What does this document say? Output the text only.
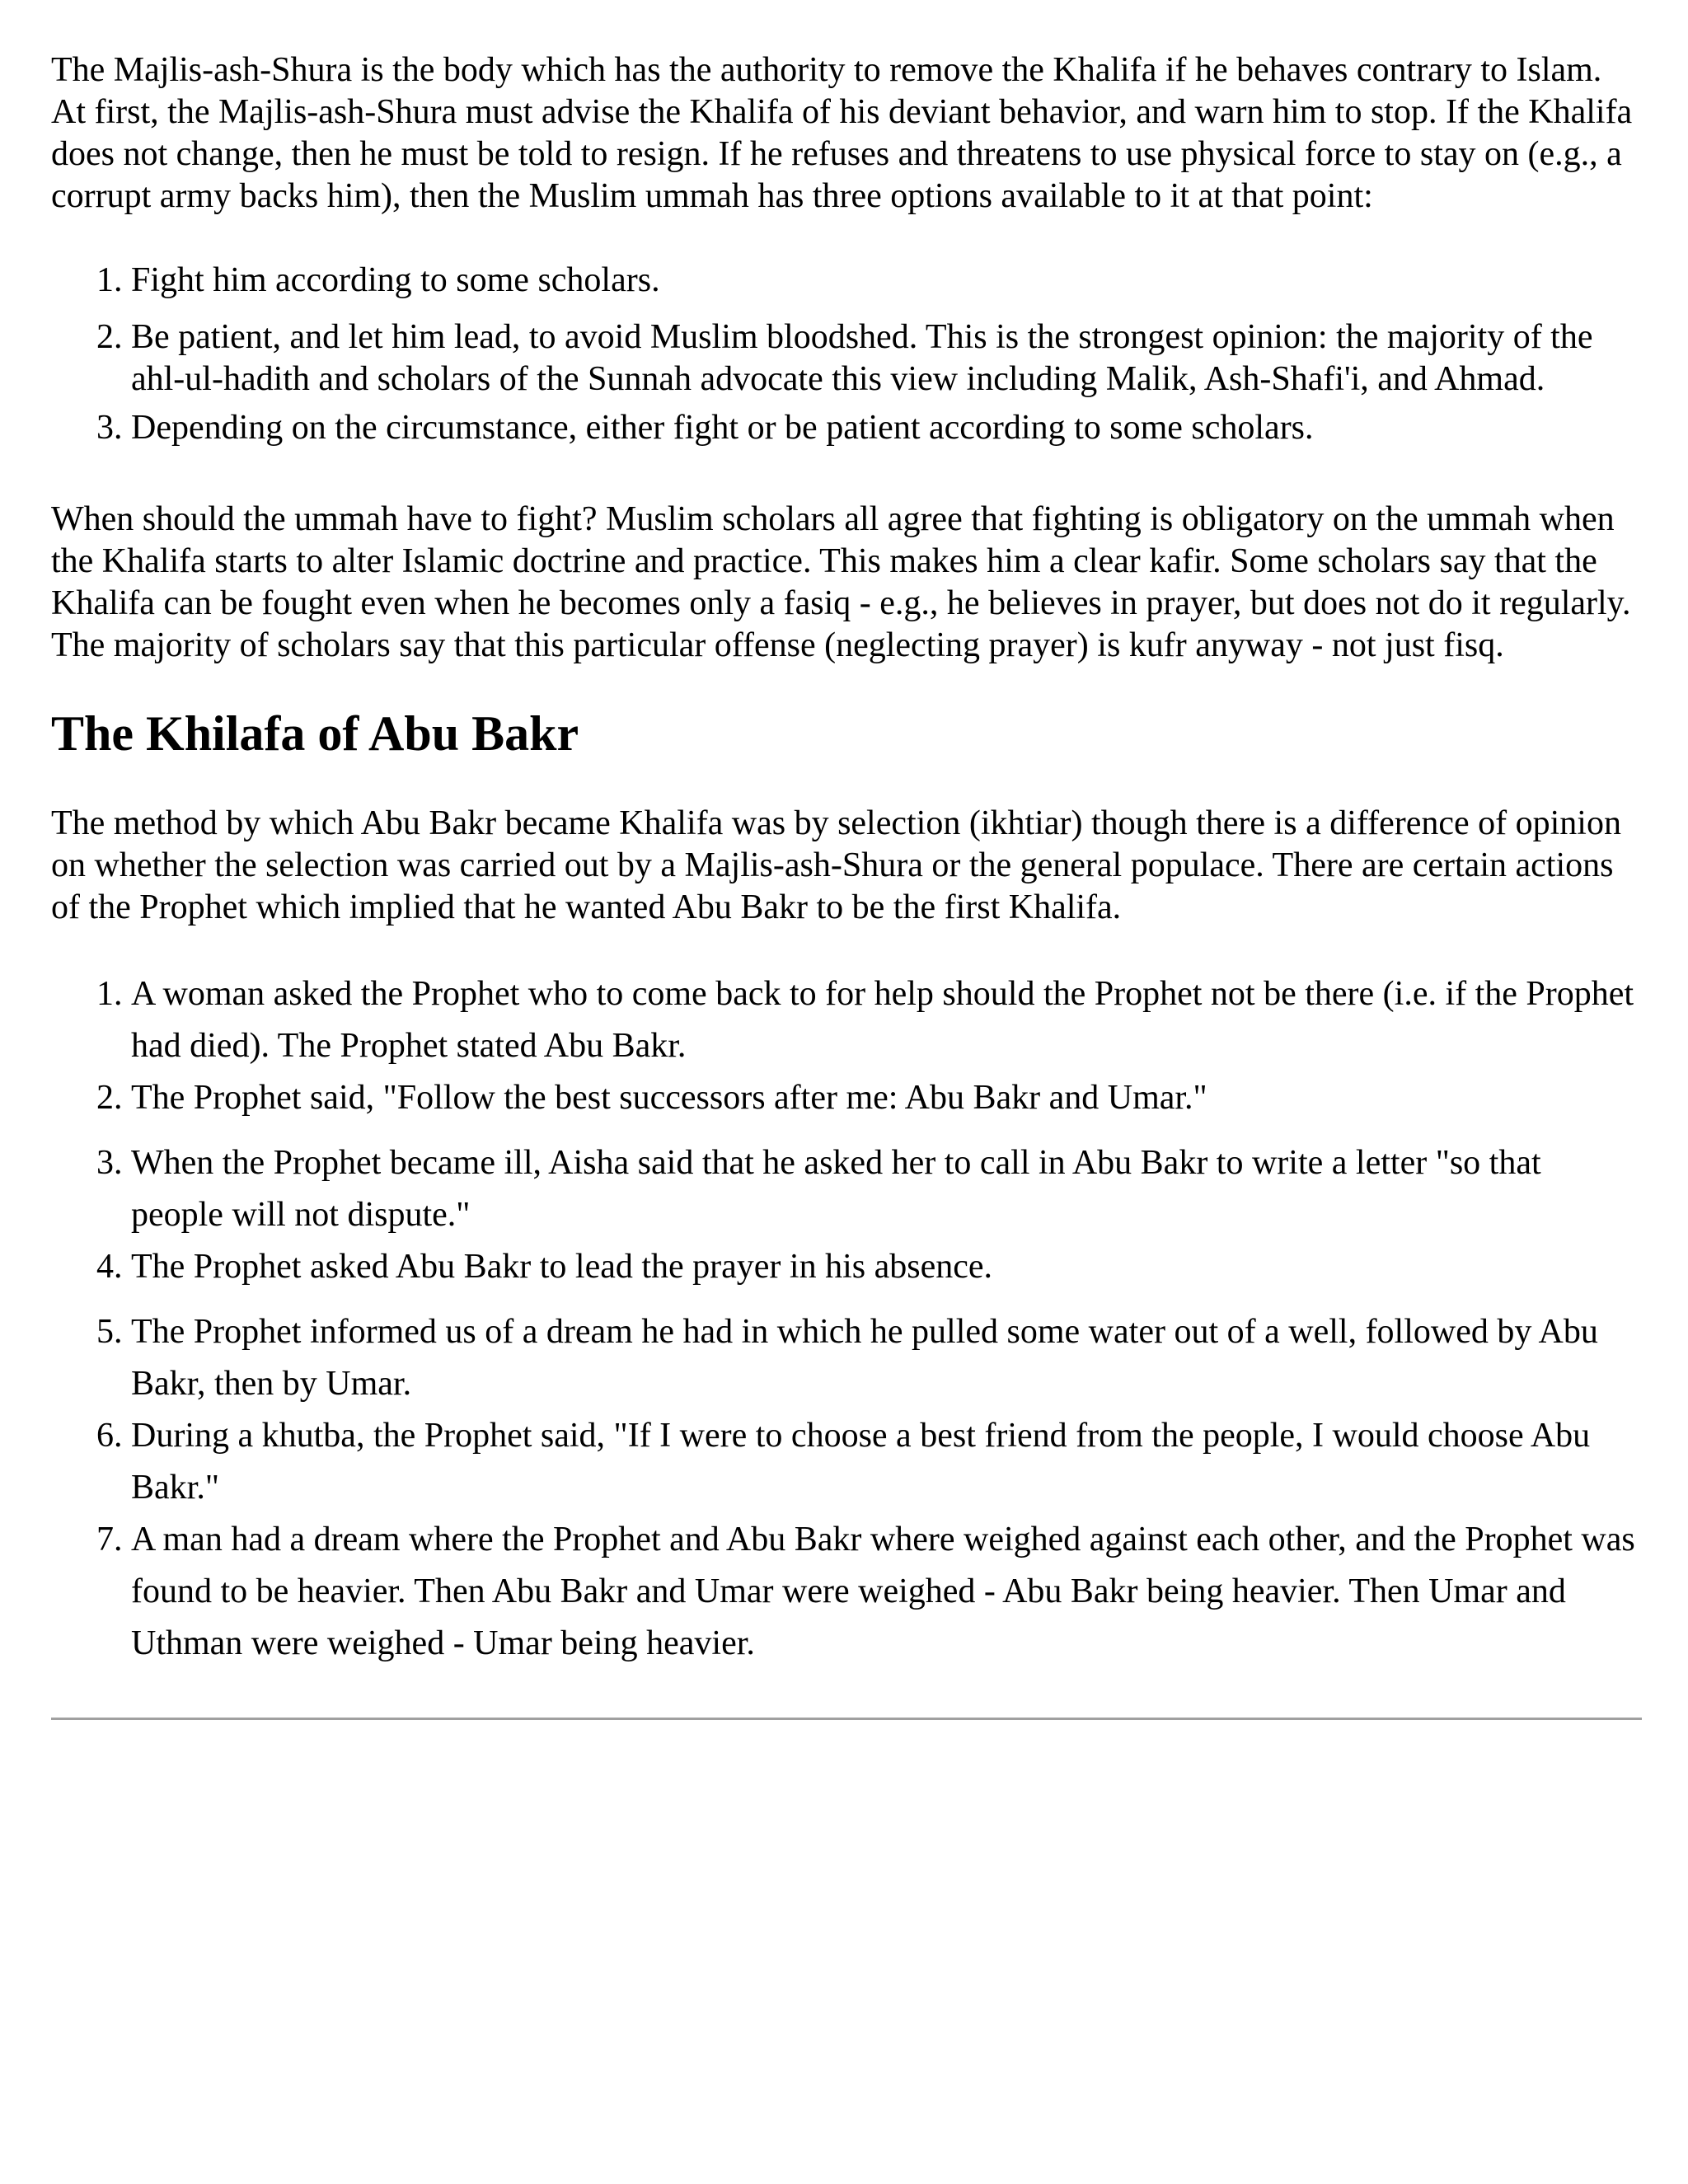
The Majlis-ash-Shura is the body which has the authority to remove the Khalifa if he behaves contrary to Islam. At first, the Majlis-ash-Shura must advise the Khalifa of his deviant behavior, and warn him to stop. If the Khalifa does not change, then he must be told to resign. If he refuses and threatens to use physical force to stay on (e.g., a corrupt army backs him), then the Muslim ummah has three options available to it at that point:

1. Fight him according to some scholars.
2. Be patient, and let him lead, to avoid Muslim bloodshed. This is the strongest opinion: the majority of the ahl-ul-hadith and scholars of the Sunnah advocate this view including Malik, Ash-Shafi'i, and Ahmad.
3. Depending on the circumstance, either fight or be patient according to some scholars.

When should the ummah have to fight? Muslim scholars all agree that fighting is obligatory on the ummah when the Khalifa starts to alter Islamic doctrine and practice. This makes him a clear kafir. Some scholars say that the Khalifa can be fought even when he becomes only a fasiq - e.g., he believes in prayer, but does not do it regularly. The majority of scholars say that this particular offense (neglecting prayer) is kufr anyway - not just fisq.

The Khilafa of Abu Bakr

The method by which Abu Bakr became Khalifa was by selection (ikhtiar) though there is a difference of opinion on whether the selection was carried out by a Majlis-ash-Shura or the general populace. There are certain actions of the Prophet which implied that he wanted Abu Bakr to be the first Khalifa.

1. A woman asked the Prophet who to come back to for help should the Prophet not be there (i.e. if the Prophet had died). The Prophet stated Abu Bakr.
2. The Prophet said, "Follow the best successors after me: Abu Bakr and Umar."
3. When the Prophet became ill, Aisha said that he asked her to call in Abu Bakr to write a letter "so that people will not dispute."
4. The Prophet asked Abu Bakr to lead the prayer in his absence.
5. The Prophet informed us of a dream he had in which he pulled some water out of a well, followed by Abu Bakr, then by Umar.
6. During a khutba, the Prophet said, "If I were to choose a best friend from the people, I would choose Abu Bakr."
7. A man had a dream where the Prophet and Abu Bakr where weighed against each other, and the Prophet was found to be heavier. Then Abu Bakr and Umar were weighed - Abu Bakr being heavier. Then Umar and Uthman were weighed - Umar being heavier.
